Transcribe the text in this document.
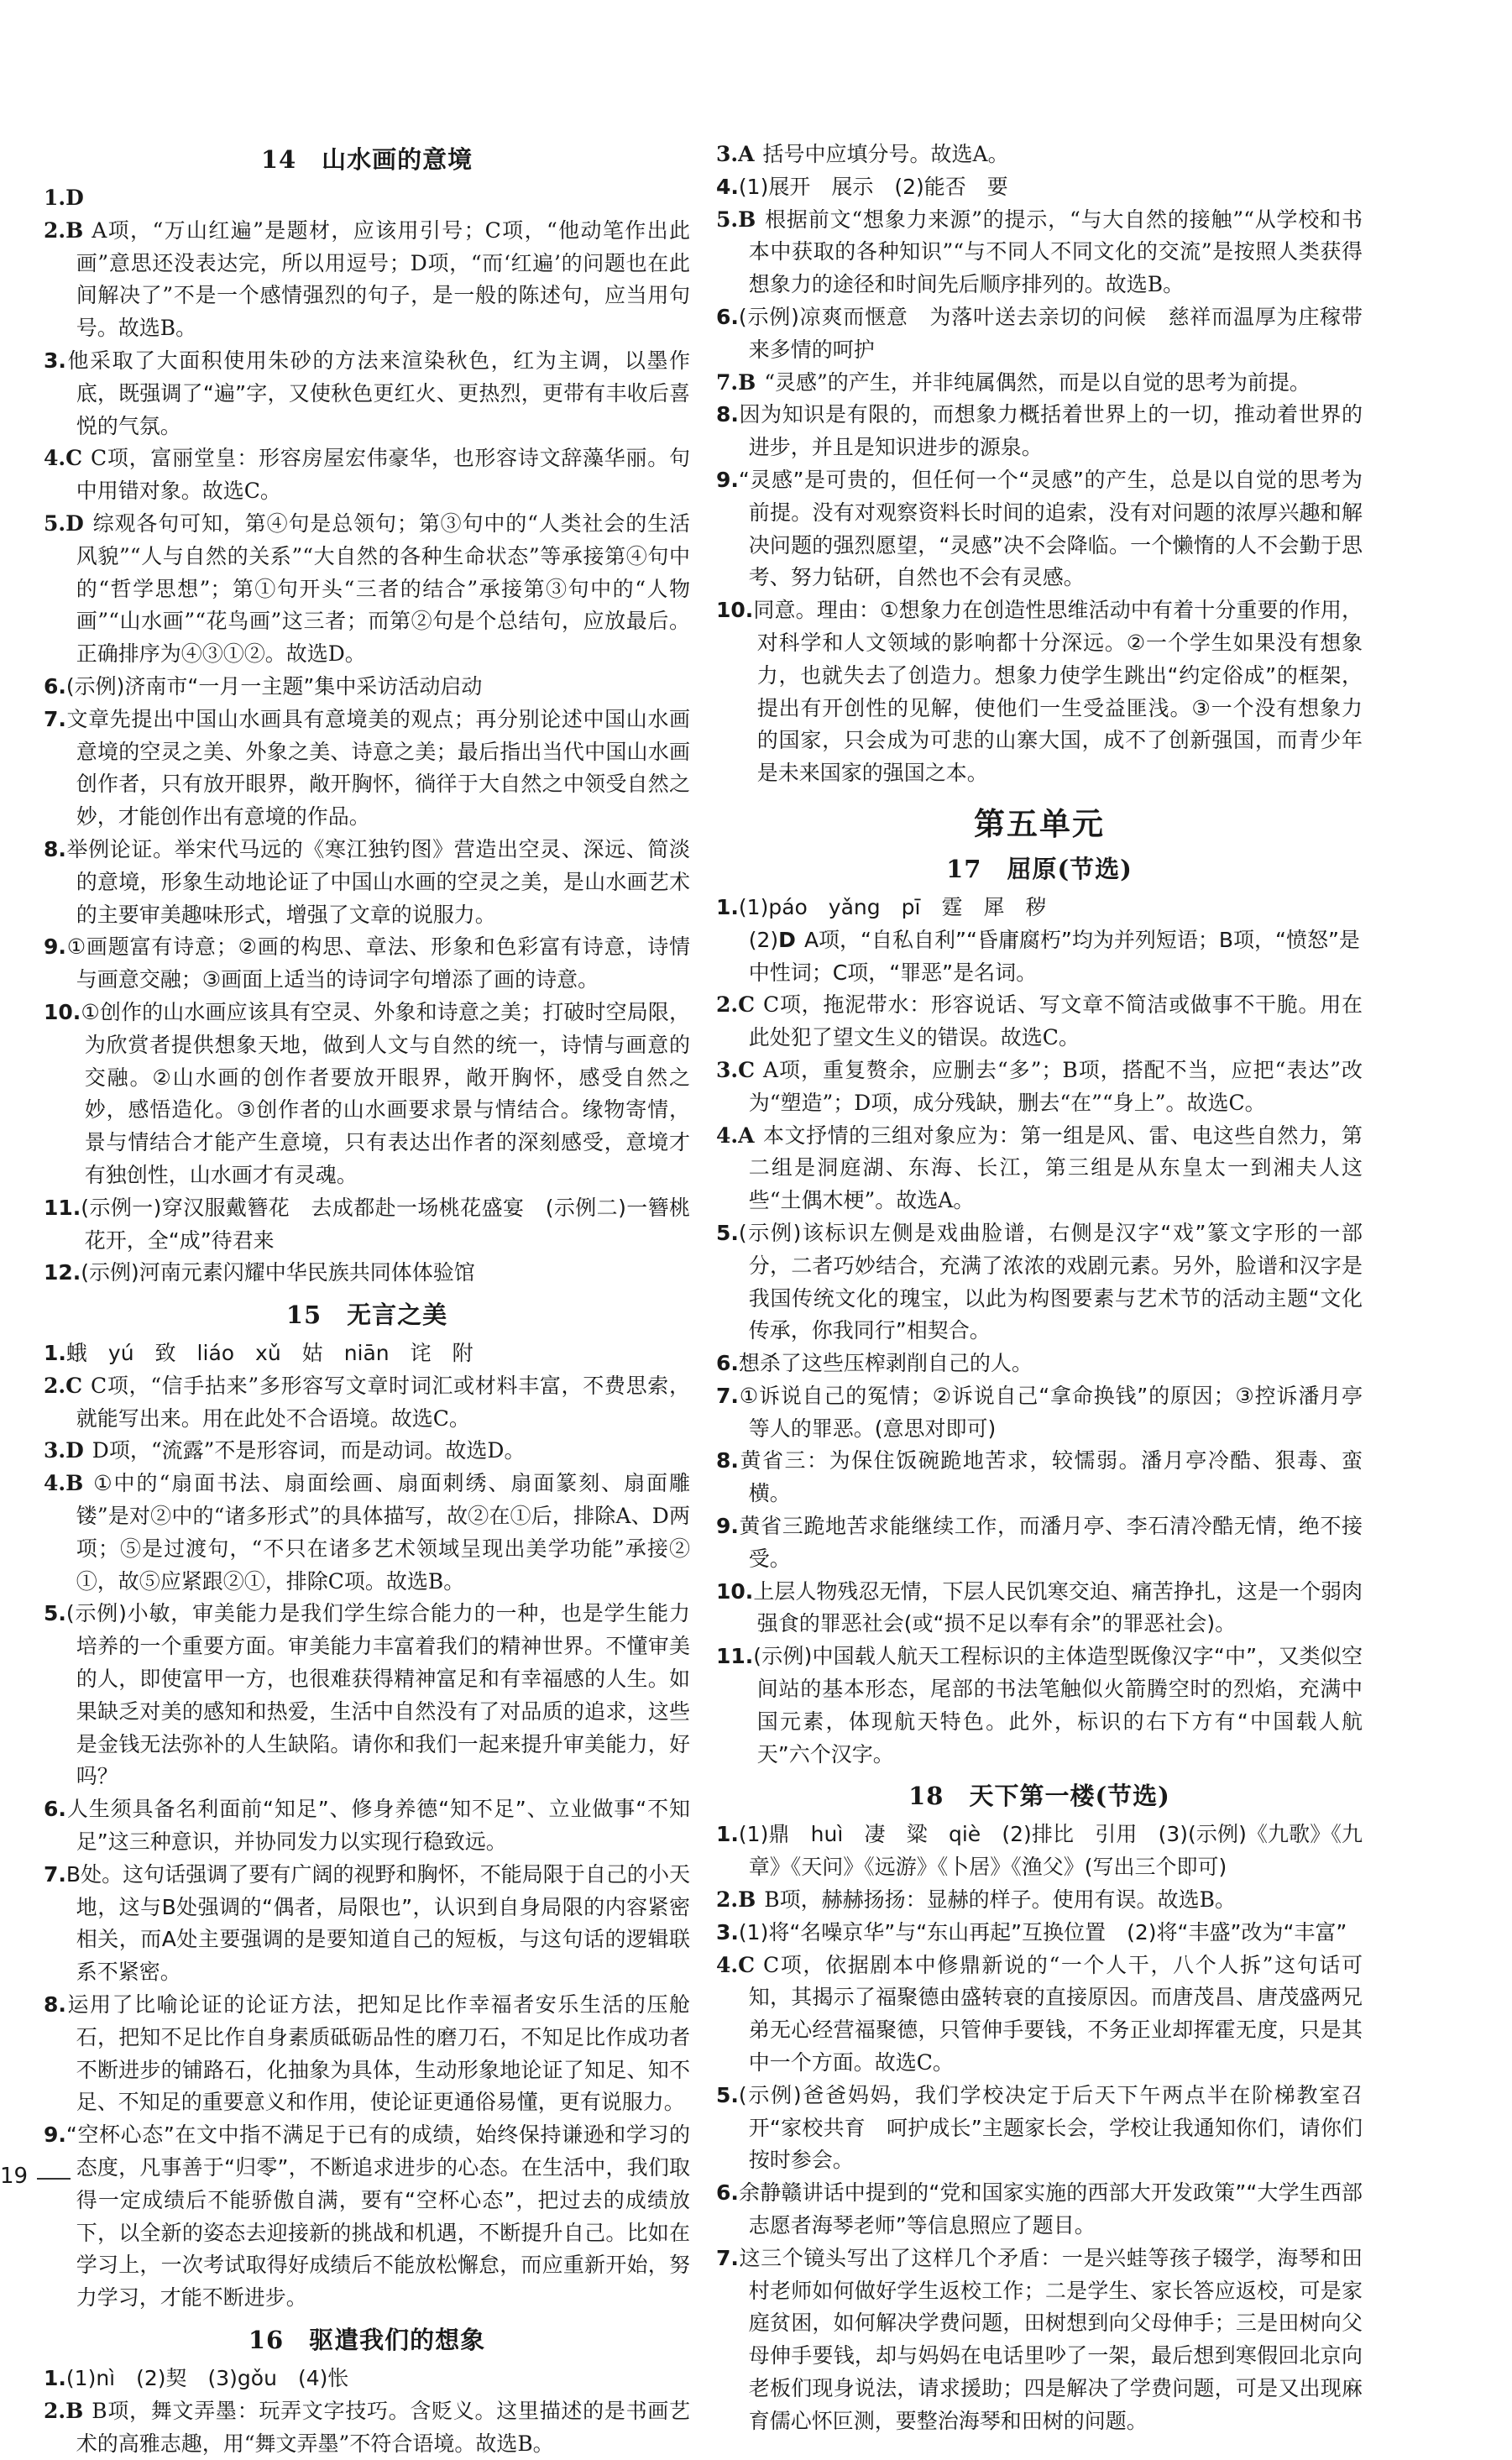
14　山水画的意境
1.D
2.B A项，“万山红遍”是题材，应该用引号；C项，“他动笔作出此画”意思还没表达完，所以用逗号；D项，“而‘红遍’的问题也在此间解决了”不是一个感情强烈的句子，是一般的陈述句，应当用句号。故选B。
3.他采取了大面积使用朱砂的方法来渲染秋色，红为主调，以墨作底，既强调了“遍”字，又使秋色更红火、更热烈，更带有丰收后喜悦的气氛。
4.C C项，富丽堂皇：形容房屋宏伟豪华，也形容诗文辞藻华丽。句中用错对象。故选C。
5.D 综观各句可知，第④句是总领句；第③句中的“人类社会的生活风貌”“人与自然的关系”“大自然的各种生命状态”等承接第④句中的“哲学思想”；第①句开头“三者的结合”承接第③句中的“人物画”“山水画”“花鸟画”这三者；而第②句是个总结句，应放最后。正确排序为④③①②。故选D。
6.(示例)济南市“一月一主题”集中采访活动启动
7.文章先提出中国山水画具有意境美的观点；再分别论述中国山水画意境的空灵之美、外象之美、诗意之美；最后指出当代中国山水画创作者，只有放开眼界，敞开胸怀，徜徉于大自然之中领受自然之妙，才能创作出有意境的作品。
8.举例论证。举宋代马远的《寒江独钓图》营造出空灵、深远、简淡的意境，形象生动地论证了中国山水画的空灵之美，是山水画艺术的主要审美趣味形式，增强了文章的说服力。
9.①画题富有诗意；②画的构思、章法、形象和色彩富有诗意，诗情与画意交融；③画面上适当的诗词字句增添了画的诗意。
10.①创作的山水画应该具有空灵、外象和诗意之美；打破时空局限，为欣赏者提供想象天地，做到人文与自然的统一，诗情与画意的交融。②山水画的创作者要放开眼界，敞开胸怀，感受自然之妙，感悟造化。③创作者的山水画要求景与情结合。缘物寄情，景与情结合才能产生意境，只有表达出作者的深刻感受，意境才有独创性，山水画才有灵魂。
11.(示例一)穿汉服戴簪花　去成都赴一场桃花盛宴　(示例二)一簪桃花开，全“成”待君来
12.(示例)河南元素闪耀中华民族共同体体验馆
15　无言之美
1.蛾　yú　致　liáo　xǔ　姑　niān　诧　附
2.C C项，“信手拈来”多形容写文章时词汇或材料丰富，不费思索，就能写出来。用在此处不合语境。故选C。
3.D D项，“流露”不是形容词，而是动词。故选D。
4.B ①中的“扇面书法、扇面绘画、扇面刺绣、扇面篆刻、扇面雕镂”是对②中的“诸多形式”的具体描写，故②在①后，排除A、D两项；⑤是过渡句，“不只在诸多艺术领域呈现出美学功能”承接②①，故⑤应紧跟②①，排除C项。故选B。
5.(示例)小敏，审美能力是我们学生综合能力的一种，也是学生能力培养的一个重要方面。审美能力丰富着我们的精神世界。不懂审美的人，即使富甲一方，也很难获得精神富足和有幸福感的人生。如果缺乏对美的感知和热爱，生活中自然没有了对品质的追求，这些是金钱无法弥补的人生缺陷。请你和我们一起来提升审美能力，好吗？
6.人生须具备名利面前“知足”、修身养德“知不足”、立业做事“不知足”这三种意识，并协同发力以实现行稳致远。
7.B处。这句话强调了要有广阔的视野和胸怀，不能局限于自己的小天地，这与B处强调的“偶者，局限也”，认识到自身局限的内容紧密相关，而A处主要强调的是要知道自己的短板，与这句话的逻辑联系不紧密。
8.运用了比喻论证的论证方法，把知足比作幸福者安乐生活的压舱石，把知不足比作自身素质砥砺品性的磨刀石，不知足比作成功者不断进步的铺路石，化抽象为具体，生动形象地论证了知足、知不足、不知足的重要意义和作用，使论证更通俗易懂，更有说服力。
9.“空杯心态”在文中指不满足于已有的成绩，始终保持谦逊和学习的态度，凡事善于“归零”，不断追求进步的心态。在生活中，我们取得一定成绩后不能骄傲自满，要有“空杯心态”，把过去的成绩放下，以全新的姿态去迎接新的挑战和机遇，不断提升自己。比如在学习上，一次考试取得好成绩后不能放松懈怠，而应重新开始，努力学习，才能不断进步。
16　驱遣我们的想象
1.(1)nì　(2)契　(3)gǒu　(4)怅
2.B B项，舞文弄墨：玩弄文字技巧。含贬义。这里描述的是书画艺术的高雅志趣，用“舞文弄墨”不符合语境。故选B。
3.A 括号中应填分号。故选A。
4.(1)展开　展示　(2)能否　要
5.B 根据前文“想象力来源”的提示，“与大自然的接触”“从学校和书本中获取的各种知识”“与不同人不同文化的交流”是按照人类获得想象力的途径和时间先后顺序排列的。故选B。
6.(示例)凉爽而惬意　为落叶送去亲切的问候　慈祥而温厚为庄稼带来多情的呵护
7.B “灵感”的产生，并非纯属偶然，而是以自觉的思考为前提。
8.因为知识是有限的，而想象力概括着世界上的一切，推动着世界的进步，并且是知识进步的源泉。
9.“灵感”是可贵的，但任何一个“灵感”的产生，总是以自觉的思考为前提。没有对观察资料长时间的追索，没有对问题的浓厚兴趣和解决问题的强烈愿望，“灵感”决不会降临。一个懒惰的人不会勤于思考、努力钻研，自然也不会有灵感。
10.同意。理由：①想象力在创造性思维活动中有着十分重要的作用，对科学和人文领域的影响都十分深远。②一个学生如果没有想象力，也就失去了创造力。想象力使学生跳出“约定俗成”的框架，提出有开创性的见解，使他们一生受益匪浅。③一个没有想象力的国家，只会成为可悲的山寨大国，成不了创新强国，而青少年是未来国家的强国之本。
第五单元
17　屈原(节选)
1.(1)páo　yǎng　pī　霆　犀　秽
(2)D A项，“自私自利”“昏庸腐朽”均为并列短语；B项，“愤怒”是中性词；C项，“罪恶”是名词。
2.C C项，拖泥带水：形容说话、写文章不简洁或做事不干脆。用在此处犯了望文生义的错误。故选C。
3.C A项，重复赘余，应删去“多”；B项，搭配不当，应把“表达”改为“塑造”；D项，成分残缺，删去“在”“身上”。故选C。
4.A 本文抒情的三组对象应为：第一组是风、雷、电这些自然力，第二组是洞庭湖、东海、长江，第三组是从东皇太一到湘夫人这些“土偶木梗”。故选A。
5.(示例)该标识左侧是戏曲脸谱，右侧是汉字“戏”篆文字形的一部分，二者巧妙结合，充满了浓浓的戏剧元素。另外，脸谱和汉字是我国传统文化的瑰宝，以此为构图要素与艺术节的活动主题“文化传承，你我同行”相契合。
6.想杀了这些压榨剥削自己的人。
7.①诉说自己的冤情；②诉说自己“拿命换钱”的原因；③控诉潘月亭等人的罪恶。(意思对即可)
8.黄省三：为保住饭碗跪地苦求，较懦弱。潘月亭冷酷、狠毒、蛮横。
9.黄省三跪地苦求能继续工作，而潘月亭、李石清冷酷无情，绝不接受。
10.上层人物残忍无情，下层人民饥寒交迫、痛苦挣扎，这是一个弱肉强食的罪恶社会(或“损不足以奉有余”的罪恶社会)。
11.(示例)中国载人航天工程标识的主体造型既像汉字“中”，又类似空间站的基本形态，尾部的书法笔触似火箭腾空时的烈焰，充满中国元素，体现航天特色。此外，标识的右下方有“中国载人航天”六个汉字。
18　天下第一楼(节选)
1.(1)鼎　huì　凄　粱　qiè　(2)排比　引用　(3)(示例)《九歌》《九章》《天问》《远游》《卜居》《渔父》(写出三个即可)
2.B B项，赫赫扬扬：显赫的样子。使用有误。故选B。
3.(1)将“名噪京华”与“东山再起”互换位置　(2)将“丰盛”改为“丰富”
4.C C项，依据剧本中修鼎新说的“一个人干，八个人拆”这句话可知，其揭示了福聚德由盛转衰的直接原因。而唐茂昌、唐茂盛两兄弟无心经营福聚德，只管伸手要钱，不务正业却挥霍无度，只是其中一个方面。故选C。
5.(示例)爸爸妈妈，我们学校决定于后天下午两点半在阶梯教室召开“家校共育　呵护成长”主题家长会，学校让我通知你们，请你们按时参会。
6.余静赣讲话中提到的“党和国家实施的西部大开发政策”“大学生西部志愿者海琴老师”等信息照应了题目。
7.这三个镜头写出了这样几个矛盾：一是兴蛙等孩子辍学，海琴和田村老师如何做好学生返校工作；二是学生、家长答应返校，可是家庭贫困，如何解决学费问题，田树想到向父母伸手；三是田树向父母伸手要钱，却与妈妈在电话里吵了一架，最后想到寒假回北京向老板们现身说法，请求援助；四是解决了学费问题，可是又出现麻育儒心怀叵测，要整治海琴和田树的问题。
19
